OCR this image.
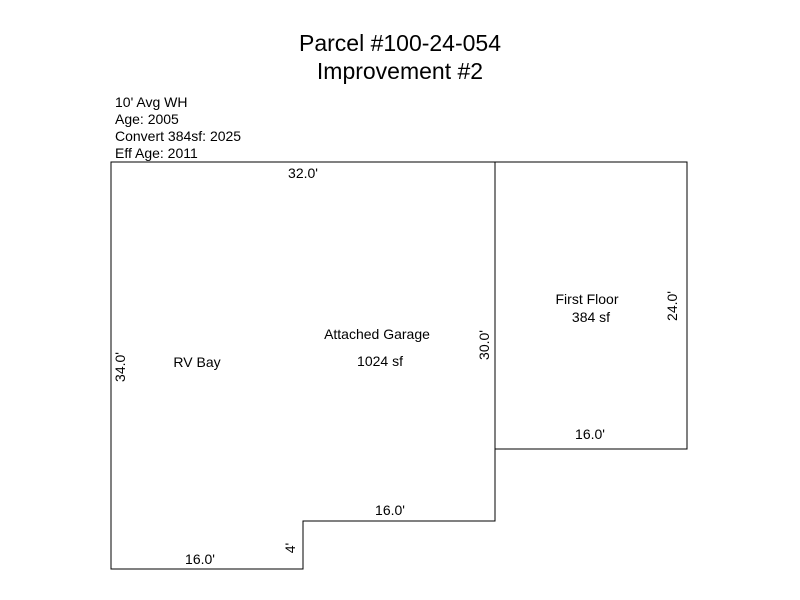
Parcel #100-24-054
Improvement #2
10' Avg WH
Age: 2005
Convert 384sf: 2025
Eff Age: 2011
32.0'
34.0'
30.0'
16.0'
16.0'
4'
Attached Garage
1024 sf
RV Bay
First Floor
384 sf	24.0'
16.0'
